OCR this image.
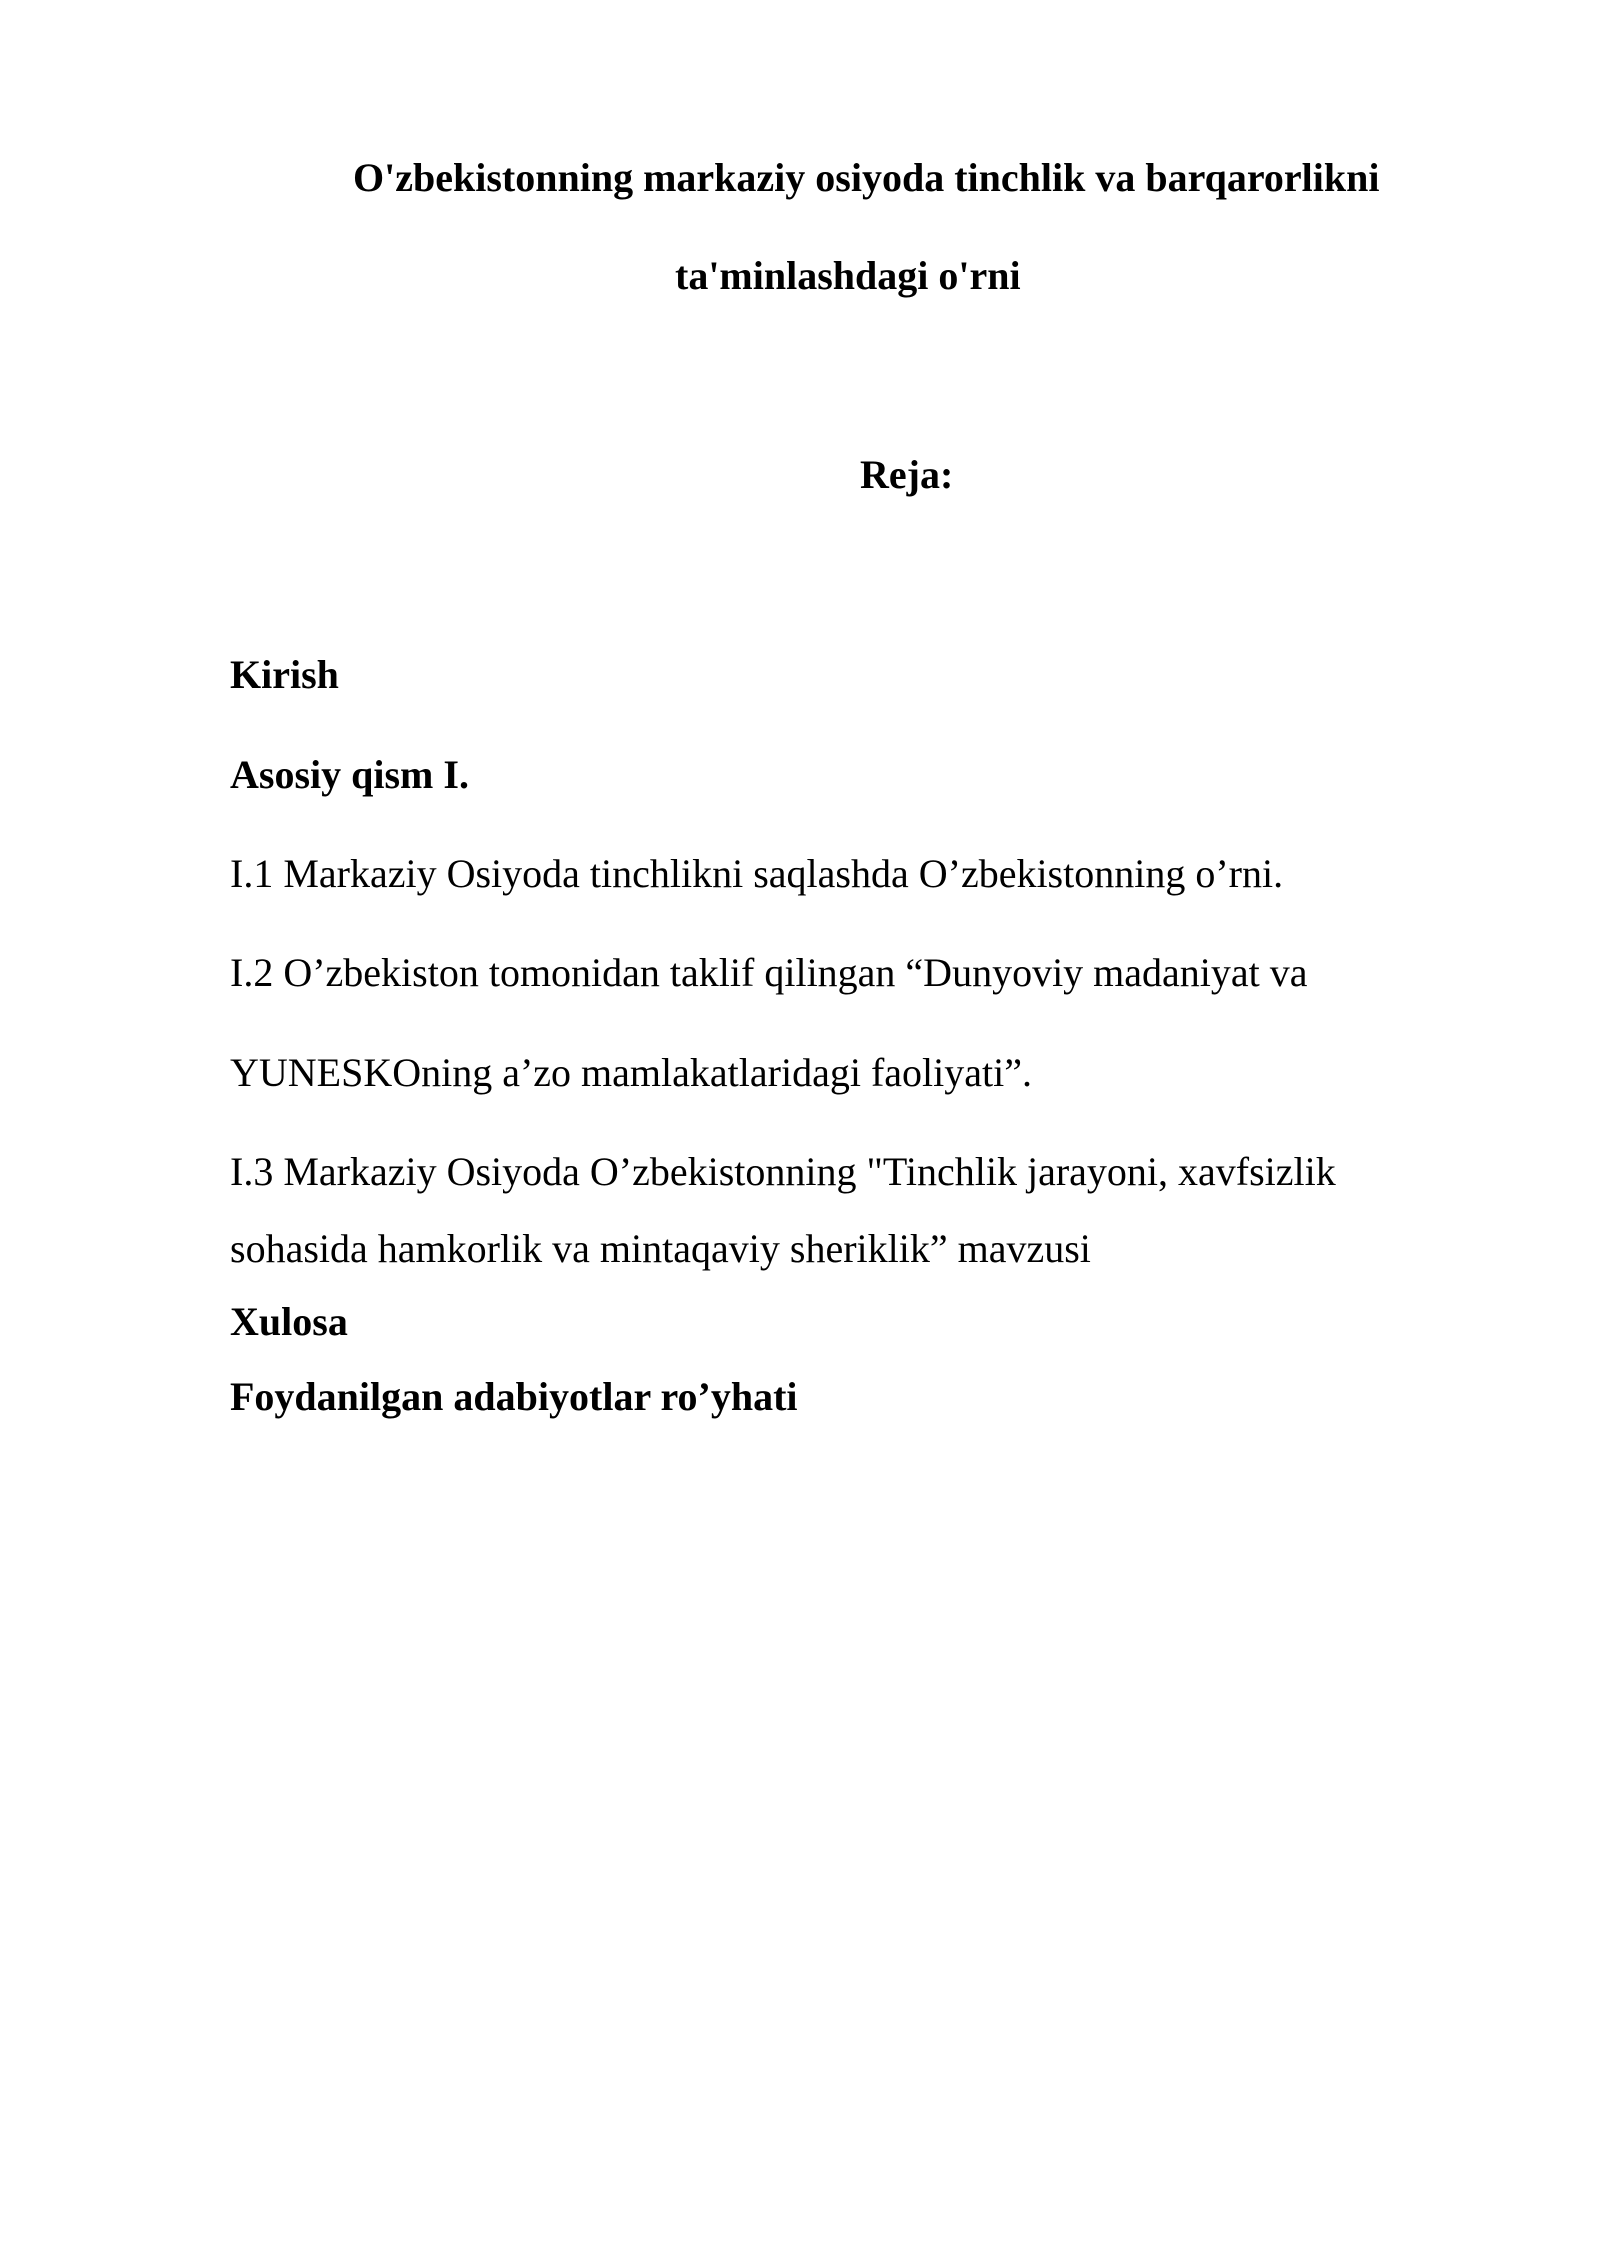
O'zbekistonning markaziy osiyoda tinchlik va barqarorlikni
ta'minlashdagi o'rni
Reja:
Kirish
Asosiy qism I.
I.1 Markaziy Osiyoda tinchlikni saqlashda O’zbekistonning o’rni.
I.2 O’zbekiston tomonidan taklif qilingan “Dunyoviy madaniyat va
YUNESKOning a’zo mamlakatlaridagi faoliyati”.
I.3 Markaziy Osiyoda O’zbekistonning "Tinchlik jarayoni, xavfsizlik
sohasida hamkorlik va mintaqaviy sheriklik” mavzusi
Xulosa
Foydanilgan adabiyotlar ro’yhati
